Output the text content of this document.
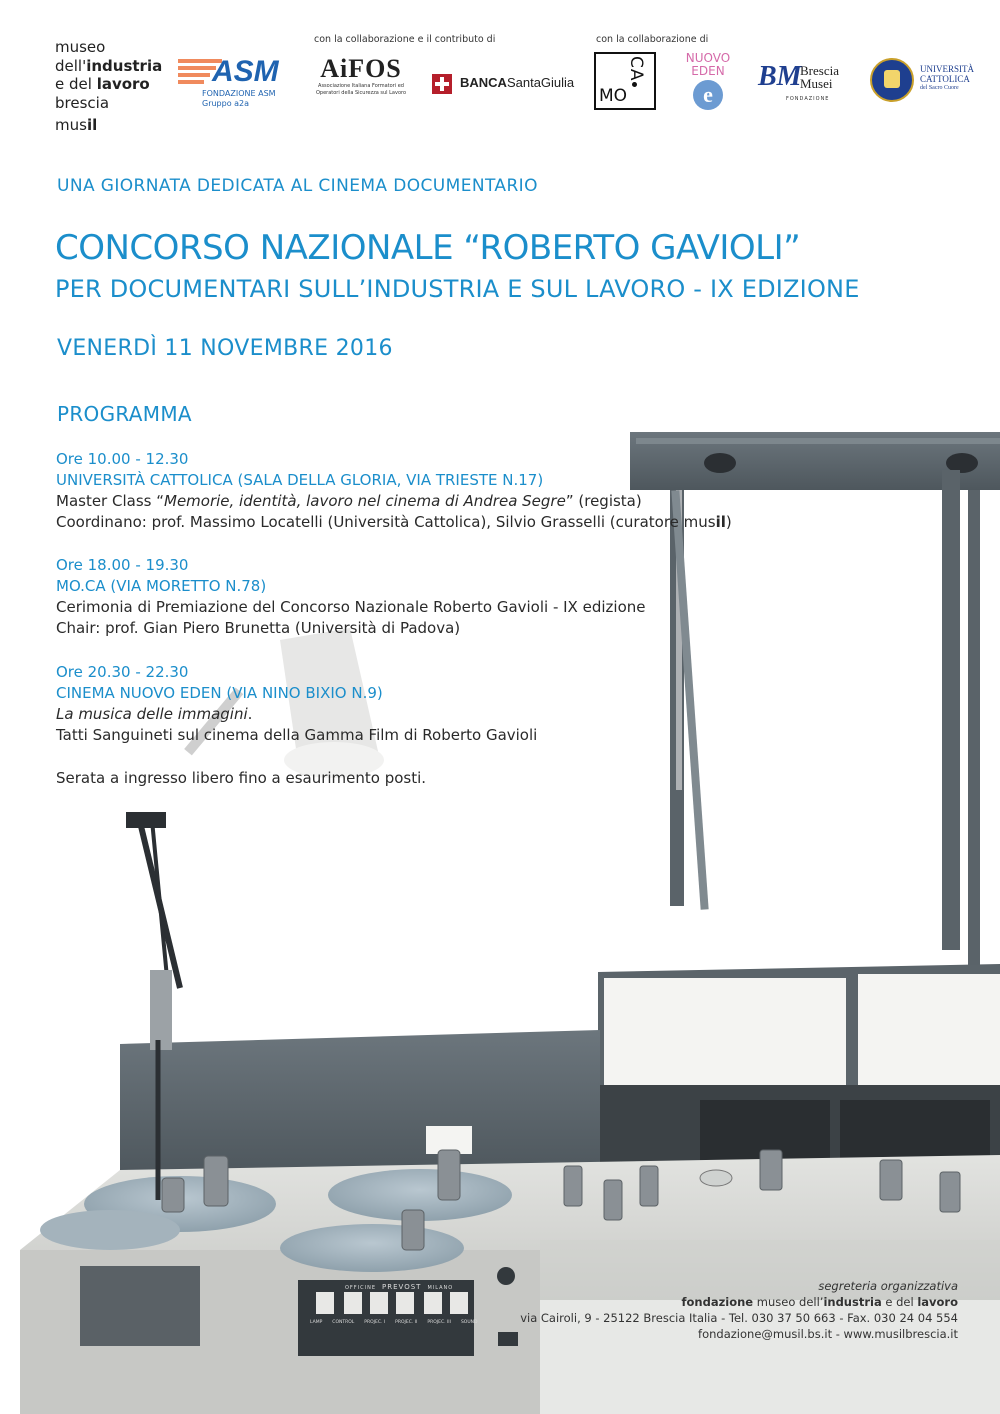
OFFICINE PREVOST MILANO
LAMP CONTROL PROJEC. I PROJEC. II PROJEC. III SOUND
museo
dell'industria
e del lavoro
brescia
musil
con la collaborazione e il contributo di	con la collaborazione di
ASM
FONDAZIONE ASM
Gruppo a2a
AiFOS
Associazione Italiana Formatori ed
Operatori della Sicurezza sul Lavoro
BANCASantaGiulia
CA
MO
NUOVO
EDEN
e
BM
Brescia
Musei
FONDAZIONE
UNIVERSITÀ
CATTOLICA
del Sacro Cuore
UNA GIORNATA DEDICATA AL CINEMA DOCUMENTARIO
CONCORSO NAZIONALE “ROBERTO GAVIOLI”
PER DOCUMENTARI SULL’INDUSTRIA E SUL LAVORO - IX EDIZIONE
VENERDÌ 11 NOVEMBRE 2016
PROGRAMMA
Ore 10.00 - 12.30
UNIVERSITÀ CATTOLICA (SALA DELLA GLORIA, VIA TRIESTE N.17)
Master Class “Memorie, identità, lavoro nel cinema di Andrea Segre” (regista)
Coordinano: prof. Massimo Locatelli (Università Cattolica), Silvio Grasselli (curatore musil)
Ore 18.00 - 19.30
MO.CA (VIA MORETTO N.78)
Cerimonia di Premiazione del Concorso Nazionale Roberto Gavioli - IX edizione
Chair: prof. Gian Piero Brunetta (Università di Padova)
Ore 20.30 - 22.30
CINEMA NUOVO EDEN (VIA NINO BIXIO N.9)
La musica delle immagini.
Tatti Sanguineti sul cinema della Gamma Film di Roberto Gavioli
Serata a ingresso libero fino a esaurimento posti.
segreteria organizzativa
fondazione museo dell’industria e del lavoro
via Cairoli, 9 - 25122 Brescia Italia - Tel. 030 37 50 663 - Fax. 030 24 04 554
fondazione@musil.bs.it - www.musilbrescia.it
